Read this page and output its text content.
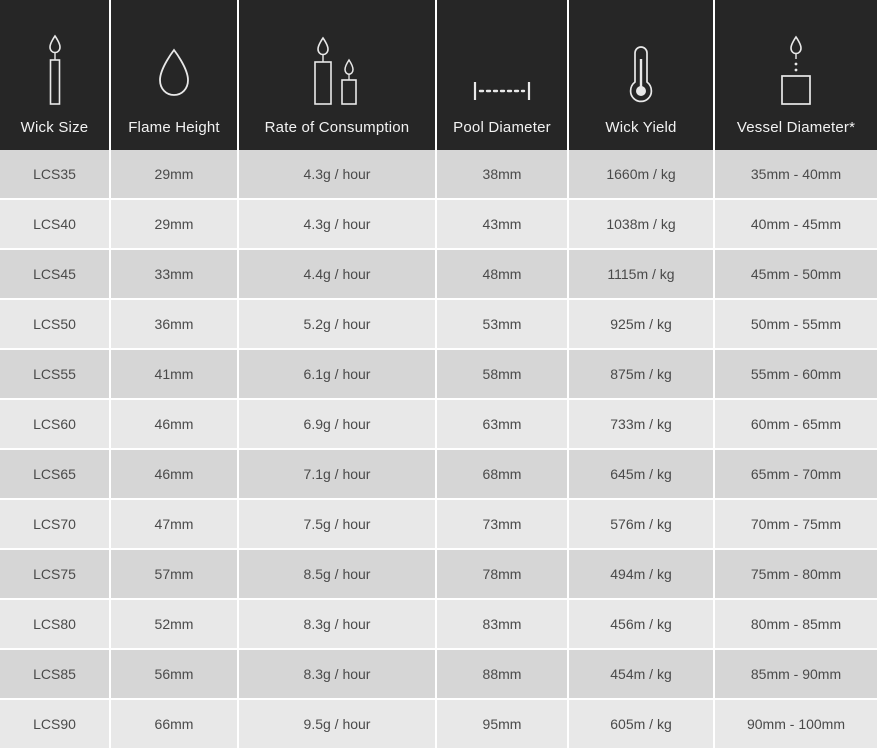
Wick Size	Flame Height	Rate of Consumption	Pool Diameter	Wick Yield	Vessel Diameter*

LCS35	29mm	4.3g / hour	38mm	1660m / kg	35mm - 40mm
LCS40	29mm	4.3g / hour	43mm	1038m / kg	40mm - 45mm
LCS45	33mm	4.4g / hour	48mm	1115m / kg	45mm - 50mm
LCS50	36mm	5.2g / hour	53mm	925m / kg	50mm - 55mm
LCS55	41mm	6.1g / hour	58mm	875m / kg	55mm - 60mm
LCS60	46mm	6.9g / hour	63mm	733m / kg	60mm - 65mm
LCS65	46mm	7.1g / hour	68mm	645m / kg	65mm - 70mm
LCS70	47mm	7.5g / hour	73mm	576m / kg	70mm - 75mm
LCS75	57mm	8.5g / hour	78mm	494m / kg	75mm - 80mm
LCS80	52mm	8.3g / hour	83mm	456m / kg	80mm - 85mm
LCS85	56mm	8.3g / hour	88mm	454m / kg	85mm - 90mm
LCS90	66mm	9.5g / hour	95mm	605m / kg	90mm - 100mm
